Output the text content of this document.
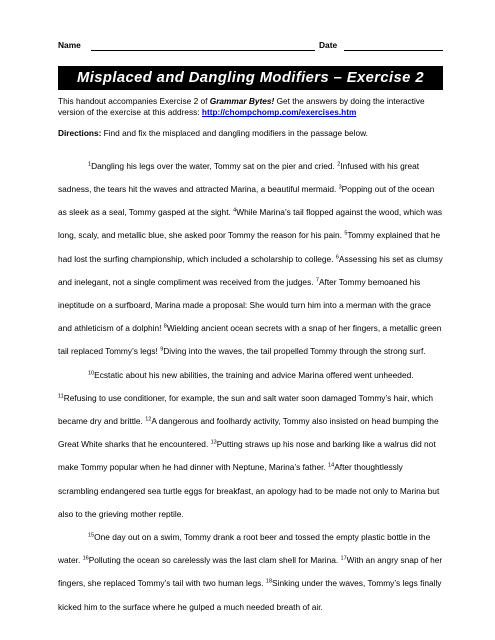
Name	Date
Misplaced and Dangling Modifiers – Exercise 2
This handout accompanies Exercise 2 of Grammar Bytes! Get the answers by doing the interactive version of the exercise at this address: http://chompchomp.com/exercises.htm
Directions: Find and fix the misplaced and dangling modifiers in the passage below.

$^1$Dangling his legs over the water, Tommy sat on the pier and cried. $^2$Infused with his great sadness, the tears hit the waves and attracted Marina, a beautiful mermaid. $^3$Popping out of the ocean as sleek as a seal, Tommy gasped at the sight. $^4$While Marina’s tail flopped against the wood, which was long, scaly, and metallic blue, she asked poor Tommy the reason for his pain. $^5$Tommy explained that he had lost the surfing championship, which included a scholarship to college. $^6$Assessing his set as clumsy and inelegant, not a single compliment was received from the judges. $^7$After Tommy bemoaned his ineptitude on a surfboard, Marina made a proposal: She would turn him into a merman with the grace and athleticism of a dolphin! $^8$Wielding ancient ocean secrets with a snap of her fingers, a metallic green tail replaced Tommy’s legs! $^9$Diving into the waves, the tail propelled Tommy through the strong surf.

$^{10}$Ecstatic about his new abilities, the training and advice Marina offered went unheeded. $^{11}$Refusing to use conditioner, for example, the sun and salt water soon damaged Tommy’s hair, which became dry and brittle. $^{12}$A dangerous and foolhardy activity, Tommy also insisted on head bumping the Great White sharks that he encountered. $^{13}$Putting straws up his nose and barking like a walrus did not make Tommy popular when he had dinner with Neptune, Marina’s father. $^{14}$After thoughtlessly scrambling endangered sea turtle eggs for breakfast, an apology had to be made not only to Marina but also to the grieving mother reptile.

$^{15}$One day out on a swim, Tommy drank a root beer and tossed the empty plastic bottle in the water. $^{16}$Polluting the ocean so carelessly was the last clam shell for Marina. $^{17}$With an angry snap of her fingers, she replaced Tommy’s tail with two human legs. $^{18}$Sinking under the waves, Tommy’s legs finally kicked him to the surface where he gulped a much needed breath of air.
